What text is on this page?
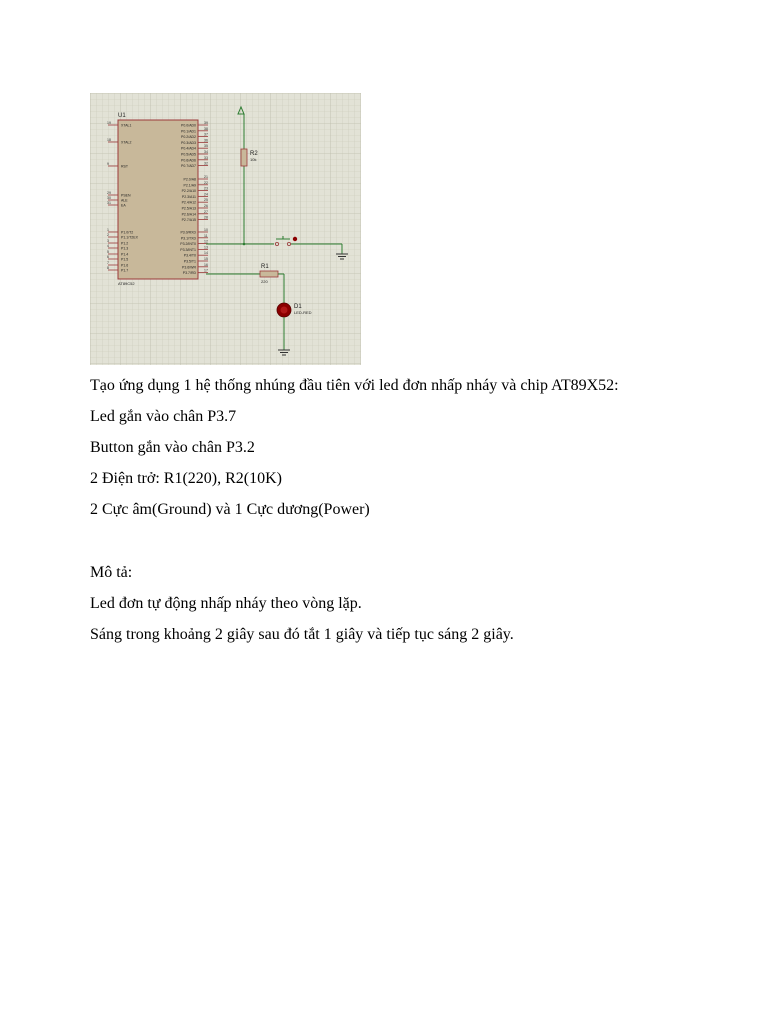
U1
19
XTAL1
18
XTAL2
9
RST
29
PSEN
30
ALE
31
EA
1
P1.0/T2
2
P1.1/T2EX
3
P1.2
4
P1.3
5
P1.4
6
P1.5
7
P1.6
8
P1.7
P0.0/AD0
39
P0.1/AD1
38
P0.2/AD2
37
P0.3/AD3
36
P0.4/AD4
35
P0.5/AD5
34
P0.6/AD6
33
P0.7/AD7
32
P2.0/A8
21
P2.1/A9
22
P2.2/A10
23
P2.3/A11
24
P2.4/A12
25
P2.5/A13
26
P2.6/A14
27
P2.7/A15
28
P3.0/RXD
10
P3.1/TXD
11
P3.2/INT0
12
P3.3/INT1
13
P3.4/T0
14
P3.5/T1
15
P3.6/WR
16
P3.7/RD
17
AT89C52
R2
10k
R1
220
D1
LED-RED
Tạo ứng dụng 1 hệ thống nhúng đầu tiên với led đơn nhấp nháy và chip AT89X52:
Led gắn vào chân P3.7
Button gắn vào chân P3.2
2 Điện trở: R1(220), R2(10K)
2 Cực âm(Ground) và 1 Cực dương(Power)
Mô tả:
Led đơn tự động nhấp nháy theo vòng lặp.
Sáng trong khoảng 2 giây sau đó tắt 1 giây và tiếp tục sáng 2 giây.
